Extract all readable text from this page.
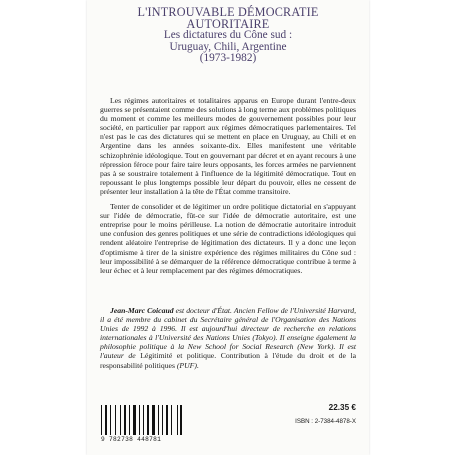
L'INTROUVABLE DÉMOCRATIE
AUTORITAIRE
Les dictatures du Cône sud :
Uruguay, Chili, Argentine
(1973-1982)

Les régimes autoritaires et totalitaires apparus en Europe durant l'entre-deux guerres se présentaient comme des solutions à long terme aux problèmes politiques du moment et comme les meilleurs modes de gouvernement possibles pour leur société, en particulier par rapport aux régimes démocratiques parlementaires. Tel n'est pas le cas des dictatures qui se mettent en place en Uruguay, au Chili et en Argentine dans les années soixante-dix. Elles manifestent une véritable schizophrénie idéologique. Tout en gouvernant par décret et en ayant recours à une répression féroce pour faire taire leurs opposants, les forces armées ne parviennent pas à se soustraire totalement à l'influence de la légitimité démocratique. Tout en repoussant le plus longtemps possible leur départ du pouvoir, elles ne cessent de présenter leur installation à la tête de l'État comme transitoire.

Tenter de consolider et de légitimer un ordre politique dictatorial en s'appuyant sur l'idée de démocratie, fût-ce sur l'idée de démocratie autoritaire, est une entreprise pour le moins périlleuse. La notion de démocratie autoritaire introduit une confusion des genres politiques et une série de contradictions idéologiques qui rendent aléatoire l'entreprise de légitimation des dictateurs. Il y a donc une leçon d'optimisme à tirer de la sinistre expérience des régimes militaires du Cône sud : leur impossibilité à se démarquer de la référence démocratique contribue à terme à leur échec et à leur remplacement par des régimes démocratiques.

Jean-Marc Coicaud est docteur d'État. Ancien Fellow de l'Université Harvard, il a été membre du cabinet du Secrétaire général de l'Organisation des Nations Unies de 1992 à 1996. Il est aujourd'hui directeur de recherche en relations internationales à l'Université des Nations Unies (Tokyo). Il enseigne également la philosophie politique à la New School for Social Research (New York). Il est l'auteur de Légitimité et politique. Contribution à l'étude du droit et de la responsabilité politiques (PUF).

9 782738 448781
22.35 €
ISBN : 2-7384-4878-X
